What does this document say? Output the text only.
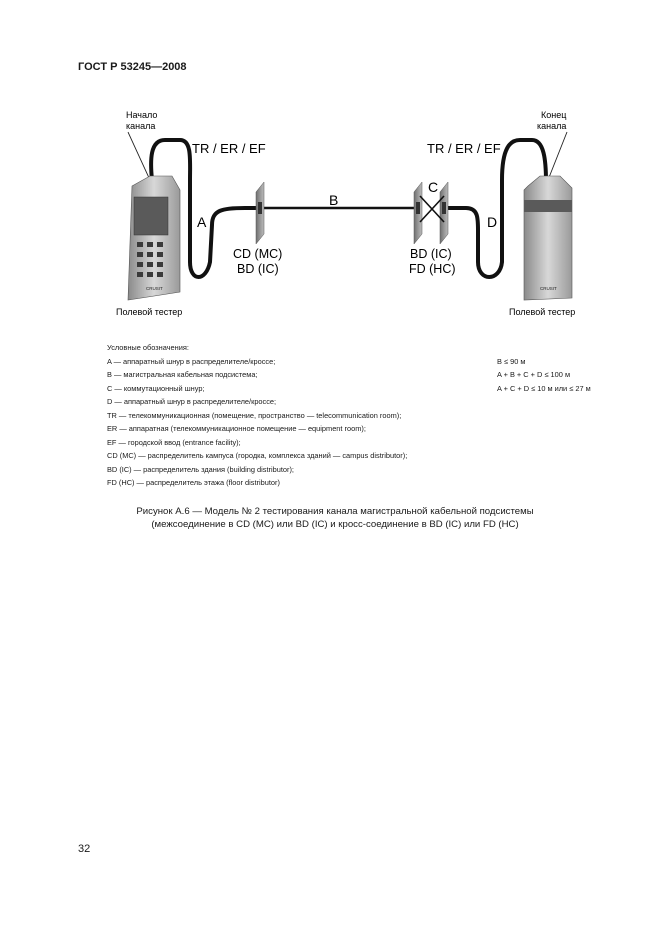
ГОСТ Р 53245—2008
Начало
канала
Конец
канала
TR / ER / EF	TR / ER / EF
CRUSIT	CRUSIT
A
B
C
D
CD (MC)
BD (IC)
BD (IC)
FD (HC)
Полевой тестер	Полевой тестер
Условные обозначения:
A — аппаратный шнур в распределителе/кроссе;	B ≤ 90 м
B — магистральная кабельная подсистема;	A + B + C + D ≤ 100 м
C — коммутационный шнур;	A + C + D ≤ 10 м или ≤ 27 м
D — аппаратный шнур в распределителе/кроссе;
TR — телекоммуникационная (помещение, пространство — telecommunication room);
ER — аппаратная (телекоммуникационное помещение — equipment room);
EF — городской ввод (entrance facility);
CD (MC) — распределитель кампуса (городка, комплекса зданий — campus distributor);
BD (IC) — распределитель здания (building distributor);
FD (HC) — распределитель этажа (floor distributor)
Рисунок А.6 — Модель № 2 тестирования канала магистральной кабельной подсистемы
(межсоединение в CD (MC) или BD (IC) и кросс-соединение в BD (IC) или FD (HC)
32
